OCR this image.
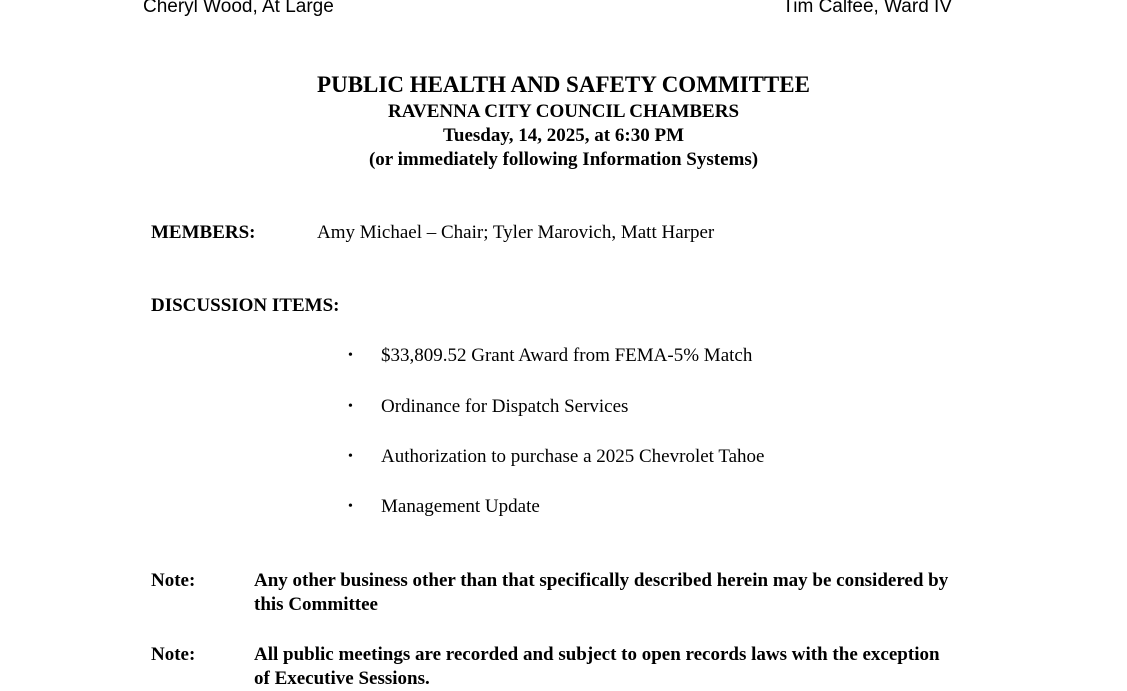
Cheryl Wood, At Large	Tim Calfee, Ward IV
PUBLIC HEALTH AND SAFETY COMMITTEE
RAVENNA CITY COUNCIL CHAMBERS
Tuesday, 14, 2025, at 6:30 PM
(or immediately following Information Systems)
MEMBERS:	Amy Michael – Chair; Tyler Marovich, Matt Harper
DISCUSSION ITEMS:
• $33,809.52 Grant Award from FEMA-5% Match
• Ordinance for Dispatch Services
• Authorization to purchase a 2025 Chevrolet Tahoe
• Management Update
Note:	Any other business other than that specifically described herein may be considered by this Committee
Note:	All public meetings are recorded and subject to open records laws with the exception of Executive Sessions.
